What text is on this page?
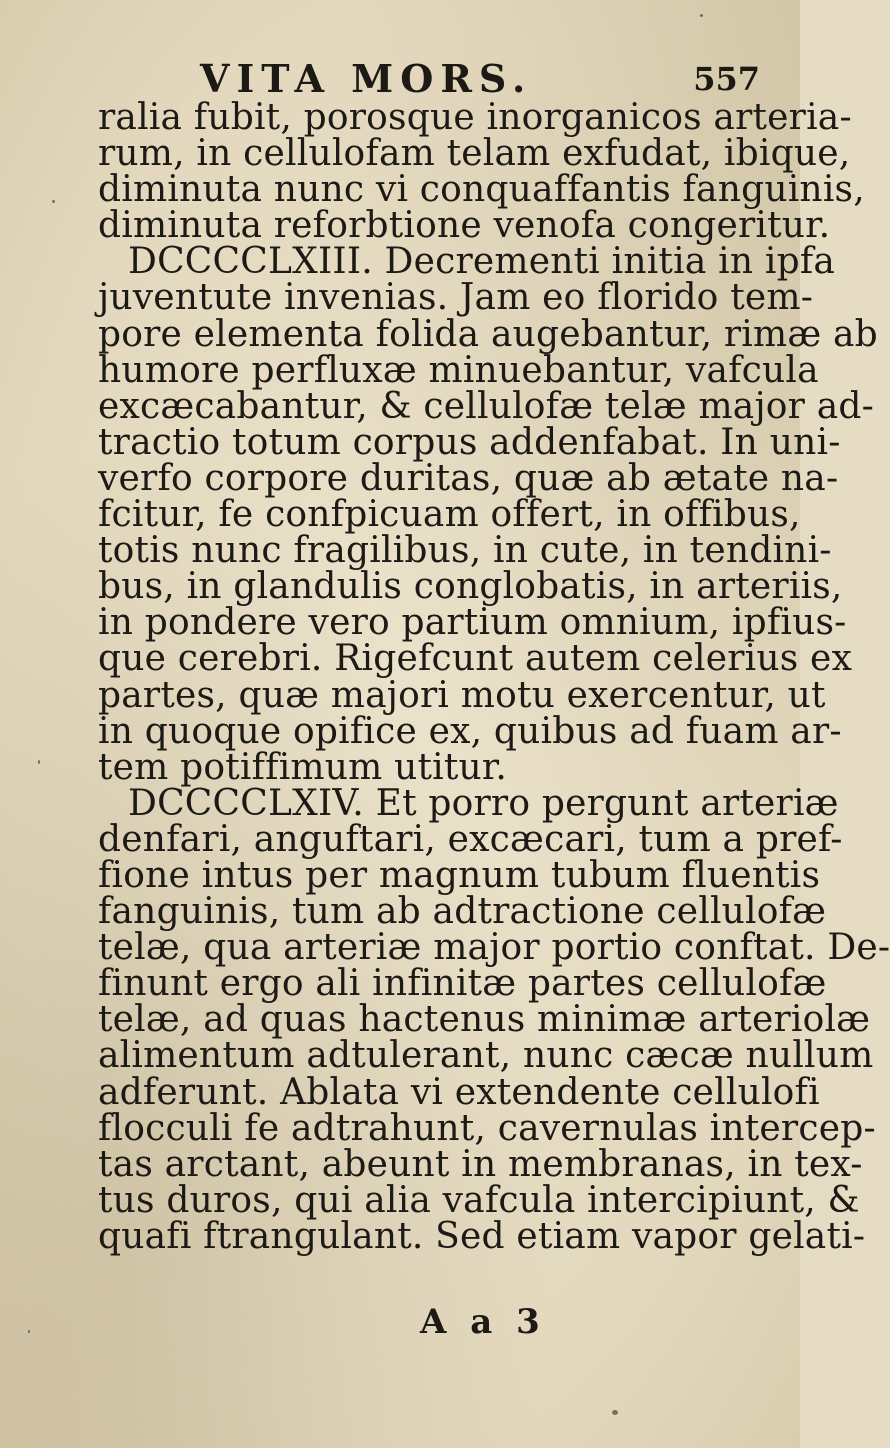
VITA MORS.	557
ralia fubit, porosque inorganicos arteria-
rum, in cellulofam telam exfudat, ibique,
diminuta nunc vi conquaffantis fanguinis,
diminuta reforbtione venofa congeritur.
DCCCCLXIII. Decrementi initia in ipfa
juventute invenias. Jam eo florido tem-
pore elementa folida augebantur, rimæ ab
humore perfluxæ minuebantur, vafcula
excæcabantur, & cellulofæ telæ major ad-
tractio totum corpus addenfabat. In uni-
verfo corpore duritas, quæ ab ætate na-
fcitur, fe confpicuam offert, in offibus,
totis nunc fragilibus, in cute, in tendini-
bus, in glandulis conglobatis, in arteriis,
in pondere vero partium omnium, ipfius-
que cerebri. Rigefcunt autem celerius ex
partes, quæ majori motu exercentur, ut
in quoque opifice ex, quibus ad fuam ar-
tem potiffimum utitur.
DCCCCLXIV. Et porro pergunt arteriæ
denfari, anguftari, excæcari, tum a pref-
fione intus per magnum tubum fluentis
fanguinis, tum ab adtractione cellulofæ
telæ, qua arteriæ major portio conftat. De-
finunt ergo ali infinitæ partes cellulofæ
telæ, ad quas hactenus minimæ arteriolæ
alimentum adtulerant, nunc cæcæ nullum
adferunt. Ablata vi extendente cellulofi
flocculi fe adtrahunt, cavernulas intercep-
tas arctant, abeunt in membranas, in tex-
tus duros, qui alia vafcula intercipiunt, &
quafi ftrangulant. Sed etiam vapor gelati-
A a 3
